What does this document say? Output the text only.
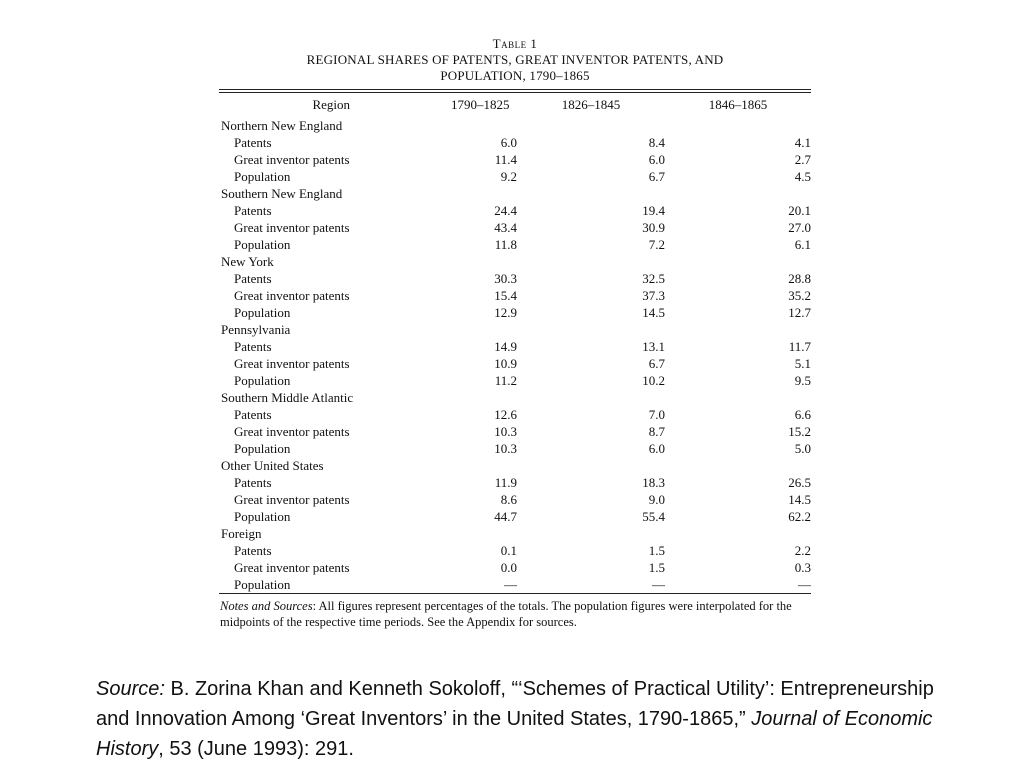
Table 1
REGIONAL SHARES OF PATENTS, GREAT INVENTOR PATENTS, AND
POPULATION, 1790–1865
Region	1790–1825	1826–1845	1846–1865
Northern New England			
Patents	6.0	8.4	4.1
Great inventor patents	11.4	6.0	2.7
Population	9.2	6.7	4.5
Southern New England			
Patents	24.4	19.4	20.1
Great inventor patents	43.4	30.9	27.0
Population	11.8	7.2	6.1
New York			
Patents	30.3	32.5	28.8
Great inventor patents	15.4	37.3	35.2
Population	12.9	14.5	12.7
Pennsylvania			
Patents	14.9	13.1	11.7
Great inventor patents	10.9	6.7	5.1
Population	11.2	10.2	9.5
Southern Middle Atlantic			
Patents	12.6	7.0	6.6
Great inventor patents	10.3	8.7	15.2
Population	10.3	6.0	5.0
Other United States			
Patents	11.9	18.3	26.5
Great inventor patents	8.6	9.0	14.5
Population	44.7	55.4	62.2
Foreign			
Patents	0.1	1.5	2.2
Great inventor patents	0.0	1.5	0.3
Population	—	—	—
Notes and Sources: All figures represent percentages of the totals. The population figures were interpolated for the midpoints of the respective time periods. See the Appendix for sources.
Source: B. Zorina Khan and Kenneth Sokoloff, “‘Schemes of Practical Utility’: Entrepreneurship and Innovation Among ‘Great Inventors’ in the United States, 1790-1865,” Journal of Economic History, 53 (June 1993): 291.
